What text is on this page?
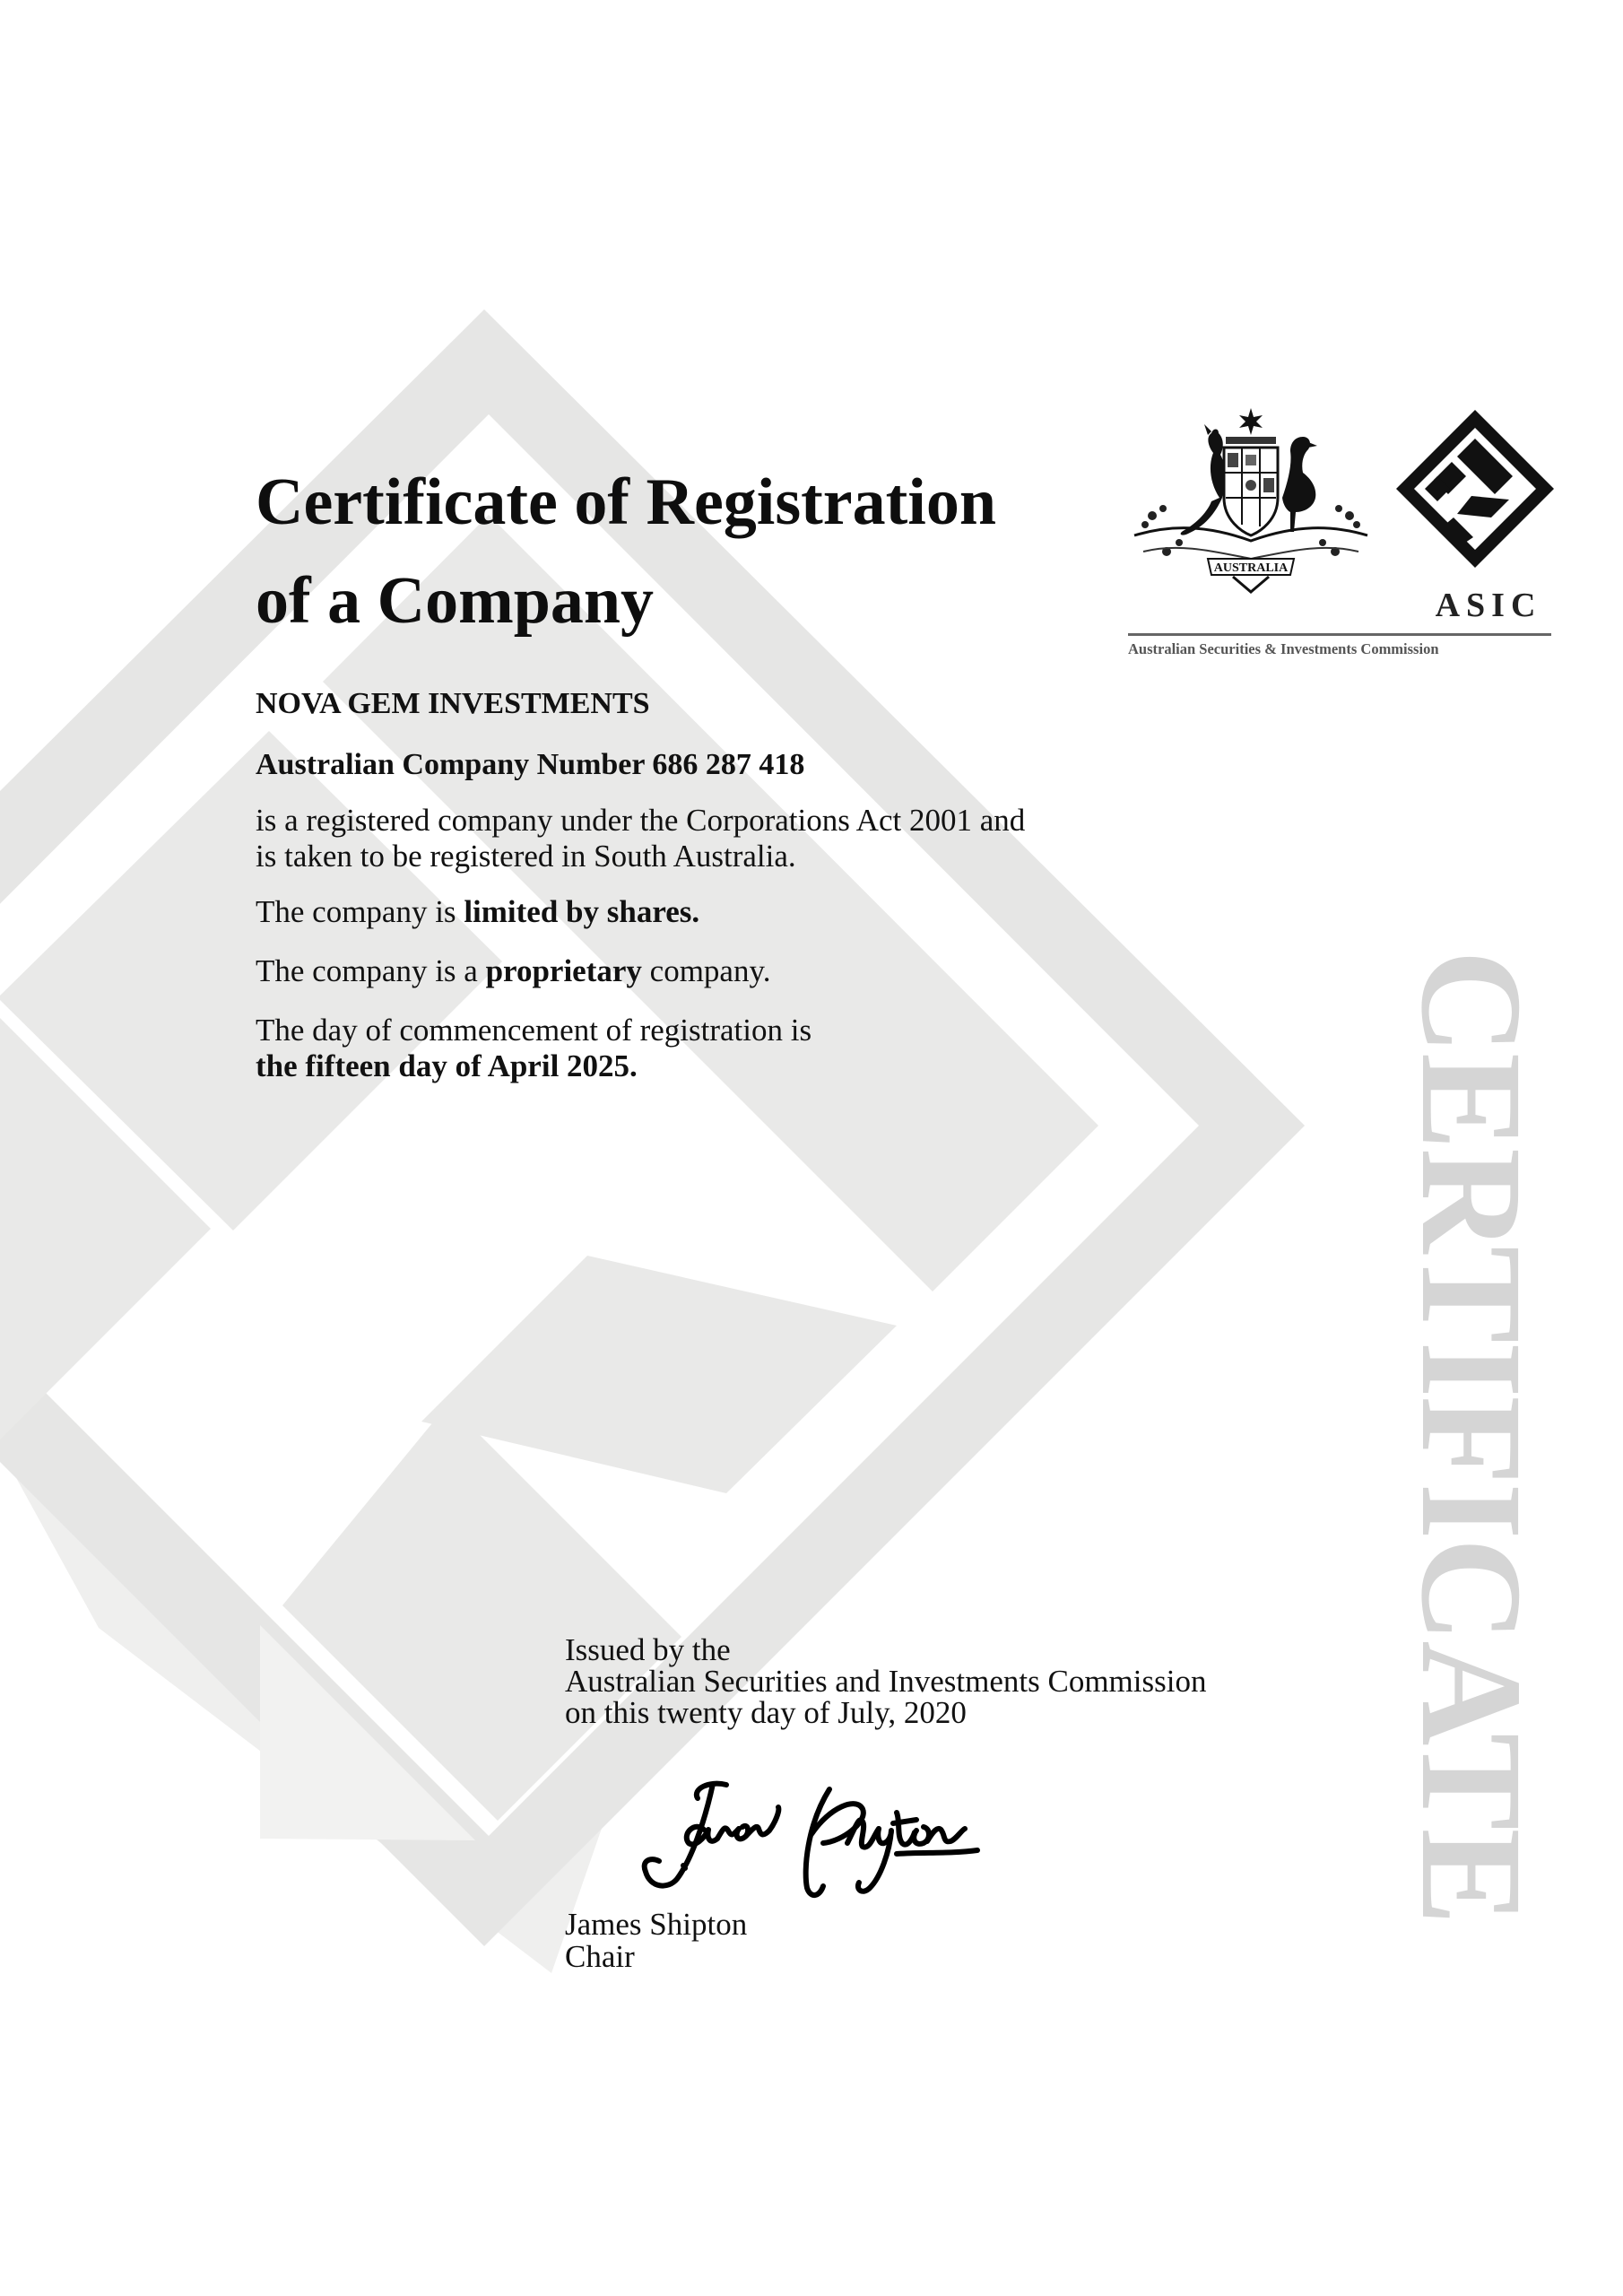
Certificate of Registration
of a Company

NOVA GEM INVESTMENTS

Australian Company Number 686 287 418

is a registered company under the Corporations Act 2001 and

is taken to be registered in South Australia.

The company is limited by shares.

The company is a proprietary company.

The day of commencement of registration is

the fifteen day of April 2025.

Issued by the

Australian Securities and Investments Commission

on this twenty day of July, 2020

James Shipton

Chair

AUSTRALIA
ASIC
Australian Securities & Investments Commission
CERTIFICATE
